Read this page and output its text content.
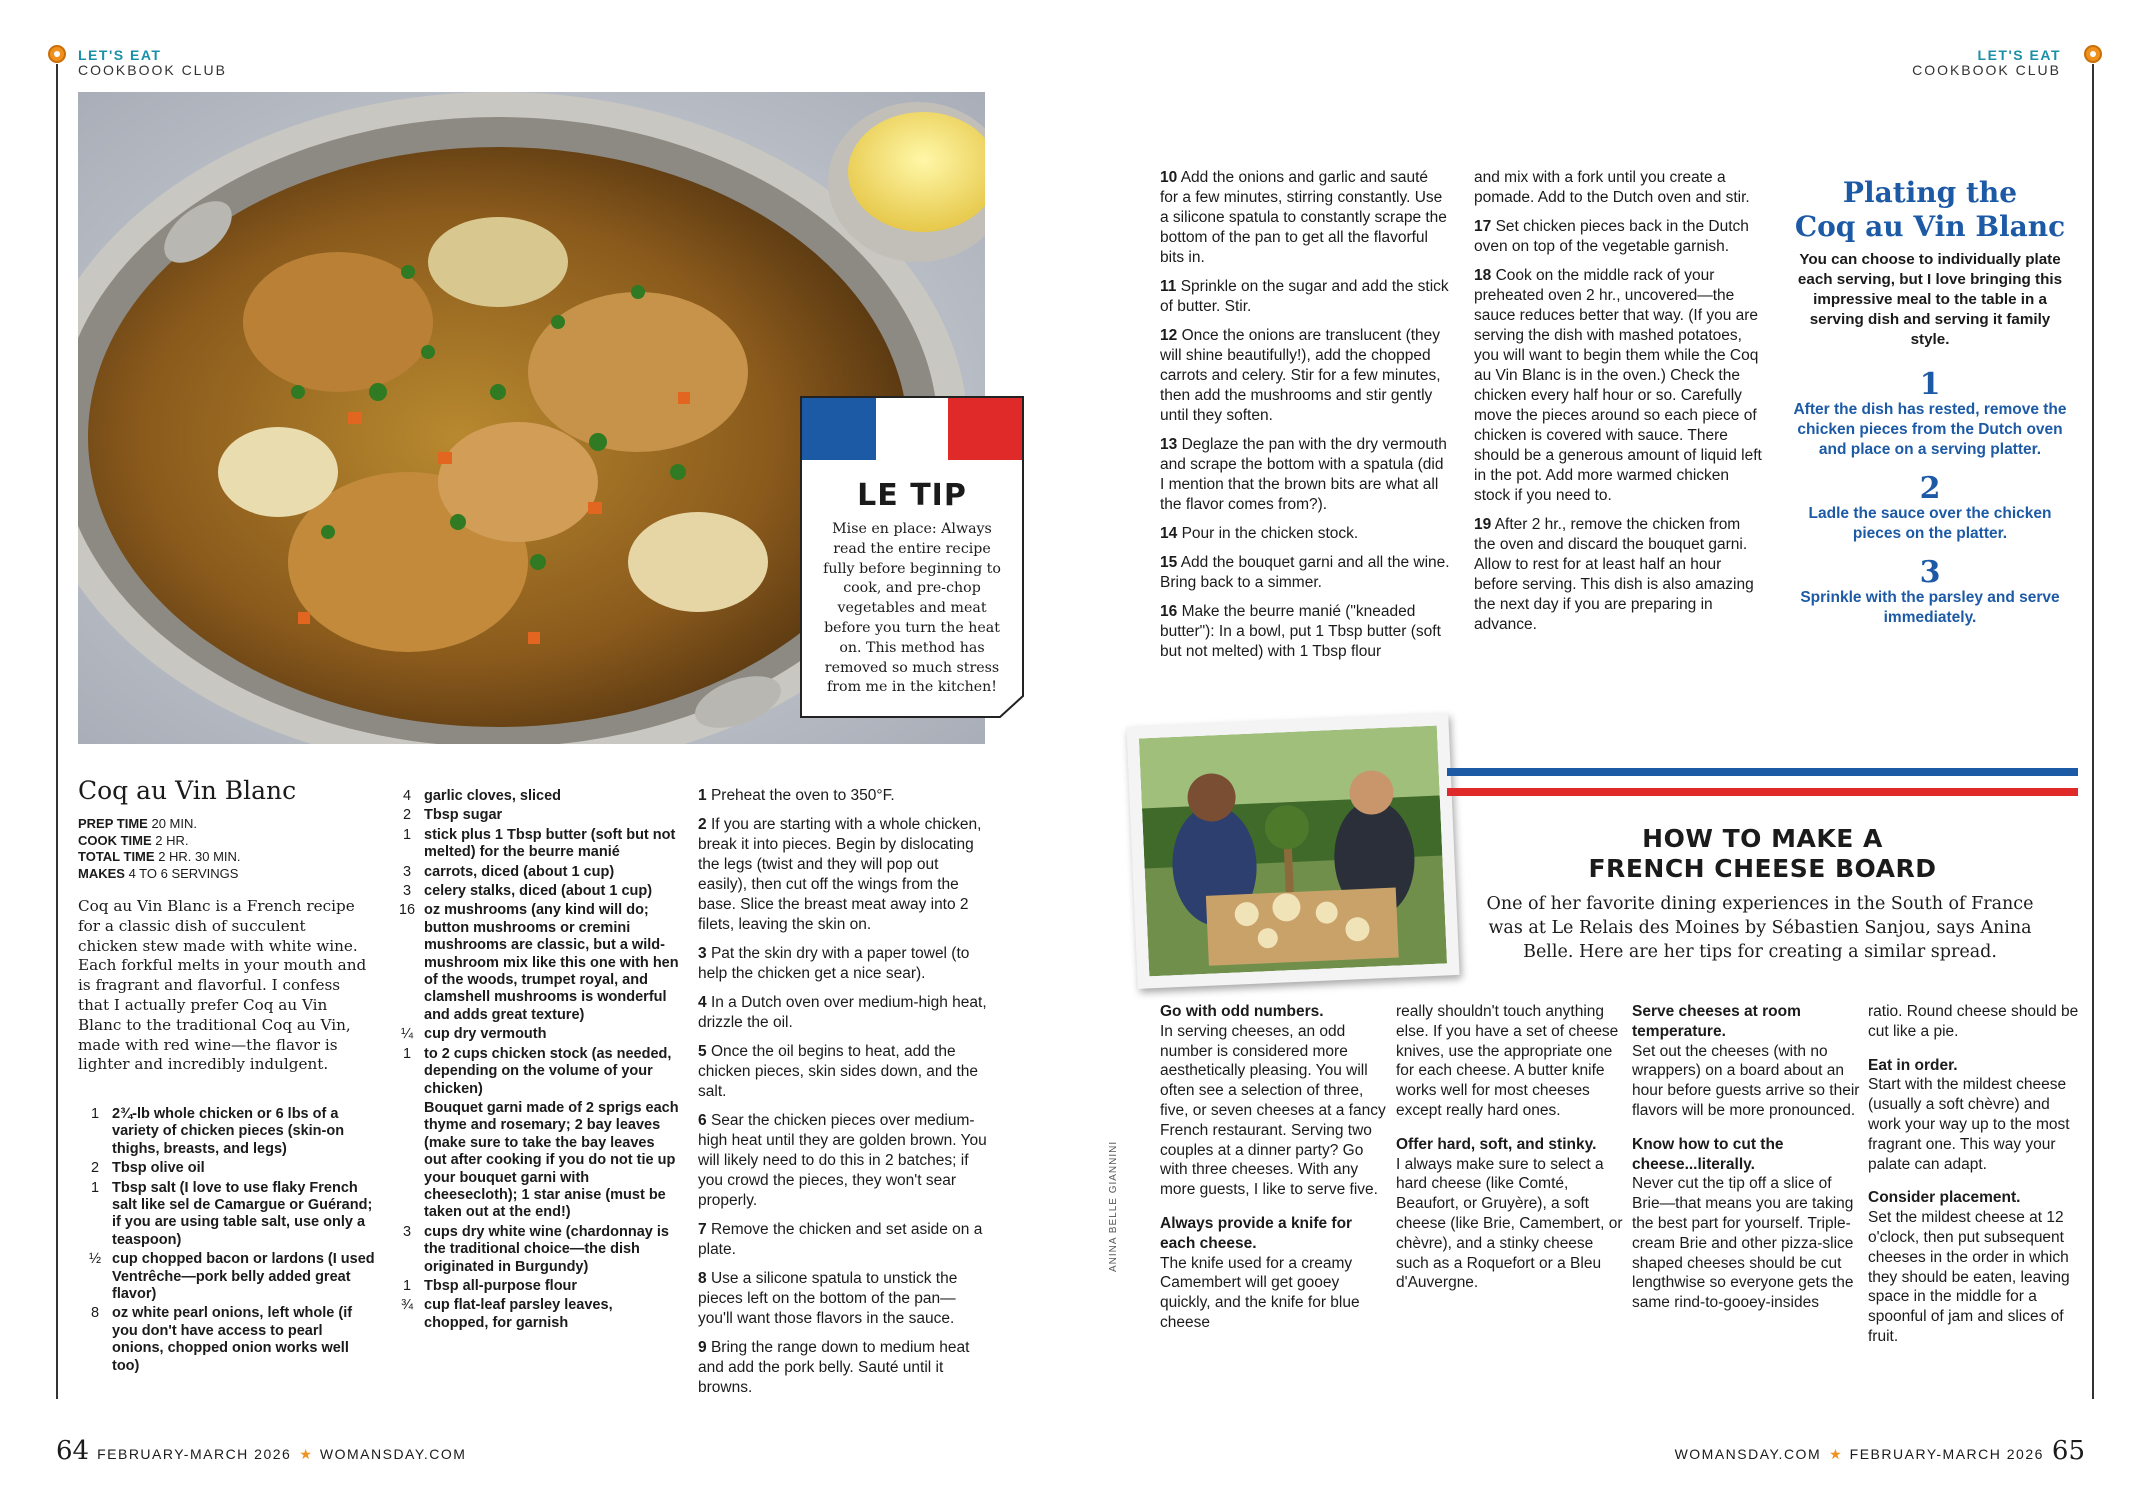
LET'S EAT
COOKBOOK CLUB
LET'S EAT
COOKBOOK CLUB
LE TIP
Mise en place: Always read the entire recipe fully before beginning to cook, and pre-chop vegetables and meat before you turn the heat on. This method has removed so much stress from me in the kitchen!
Coq au Vin Blanc
PREP TIME 20 MIN.
COOK TIME 2 HR.
TOTAL TIME 2 HR. 30 MIN.
MAKES 4 TO 6 SERVINGS
Coq au Vin Blanc is a French recipe for a classic dish of succulent chicken stew made with white wine. Each forkful melts in your mouth and is fragrant and flavorful. I confess that I actually prefer Coq au Vin Blanc to the traditional Coq au Vin, made with red wine—the flavor is lighter and incredibly indulgent.
1 2¾-lb whole chicken or 6 lbs of a variety of chicken pieces (skin-on thighs, breasts, and legs)
2 Tbsp olive oil
1 Tbsp salt (I love to use flaky French salt like sel de Camargue or Guérand; if you are using table salt, use only a teaspoon)
½ cup chopped bacon or lardons (I used Ventrêche—pork belly added great flavor)
8 oz white pearl onions, left whole (if you don't have access to pearl onions, chopped onion works well too)
4 garlic cloves, sliced
2 Tbsp sugar
1 stick plus 1 Tbsp butter (soft but not melted) for the beurre manié
3 carrots, diced (about 1 cup)
3 celery stalks, diced (about 1 cup)
16 oz mushrooms (any kind will do; button mushrooms or cremini mushrooms are classic, but a wild-mushroom mix like this one with hen of the woods, trumpet royal, and clamshell mushrooms is wonderful and adds great texture)
¼ cup dry vermouth
1 to 2 cups chicken stock (as needed, depending on the volume of your chicken)
Bouquet garni made of 2 sprigs each thyme and rosemary; 2 bay leaves (make sure to take the bay leaves out after cooking if you do not tie up your bouquet garni with cheesecloth); 1 star anise (must be taken out at the end!)
3 cups dry white wine (chardonnay is the traditional choice—the dish originated in Burgundy)
1 Tbsp all-purpose flour
¾ cup flat-leaf parsley leaves, chopped, for garnish

1 Preheat the oven to 350°F.

2 If you are starting with a whole chicken, break it into pieces. Begin by dislocating the legs (twist and they will pop out easily), then cut off the wings from the base. Slice the breast meat away into 2 filets, leaving the skin on.

3 Pat the skin dry with a paper towel (to help the chicken get a nice sear).

4 In a Dutch oven over medium-high heat, drizzle the oil.

5 Once the oil begins to heat, add the chicken pieces, skin sides down, and the salt.

6 Sear the chicken pieces over medium-high heat until they are golden brown. You will likely need to do this in 2 batches; if you crowd the pieces, they won't sear properly.

7 Remove the chicken and set aside on a plate.

8 Use a silicone spatula to unstick the pieces left on the bottom of the pan—you'll want those flavors in the sauce.

9 Bring the range down to medium heat and add the pork belly. Sauté until it browns.

10 Add the onions and garlic and sauté for a few minutes, stirring constantly. Use a silicone spatula to constantly scrape the bottom of the pan to get all the flavorful bits in.

11 Sprinkle on the sugar and add the stick of butter. Stir.

12 Once the onions are translucent (they will shine beautifully!), add the chopped carrots and celery. Stir for a few minutes, then add the mushrooms and stir gently until they soften.

13 Deglaze the pan with the dry vermouth and scrape the bottom with a spatula (did I mention that the brown bits are what all the flavor comes from?).

14 Pour in the chicken stock.

15 Add the bouquet garni and all the wine. Bring back to a simmer.

16 Make the beurre manié ("kneaded butter"): In a bowl, put 1 Tbsp butter (soft but not melted) with 1 Tbsp flour

and mix with a fork until you create a pomade. Add to the Dutch oven and stir.

17 Set chicken pieces back in the Dutch oven on top of the vegetable garnish.

18 Cook on the middle rack of your preheated oven 2 hr., uncovered—the sauce reduces better that way. (If you are serving the dish with mashed potatoes, you will want to begin them while the Coq au Vin Blanc is in the oven.) Check the chicken every half hour or so. Carefully move the pieces around so each piece of chicken is covered with sauce. There should be a generous amount of liquid left in the pot. Add more warmed chicken stock if you need to.

19 After 2 hr., remove the chicken from the oven and discard the bouquet garni. Allow to rest for at least half an hour before serving. This dish is also amazing the next day if you are preparing in advance.

Plating the
Coq au Vin Blanc
You can choose to individually plate each serving, but I love bringing this impressive meal to the table in a serving dish and serving it family style.
1
After the dish has rested, remove the chicken pieces from the Dutch oven and place on a serving platter.
2
Ladle the sauce over the chicken pieces on the platter.
3
Sprinkle with the parsley and serve immediately.
ANINA BELLE GIANNINI
HOW TO MAKE A
FRENCH CHEESE BOARD
One of her favorite dining experiences in the South of France was at Le Relais des Moines by Sébastien Sanjou, says Anina Belle. Here are her tips for creating a similar spread.

Go with odd numbers.
In serving cheeses, an odd number is considered more aesthetically pleasing. You will often see a selection of three, five, or seven cheeses at a fancy French restaurant. Serving two couples at a dinner party? Go with three cheeses. With any more guests, I like to serve five.

Always provide a knife for each cheese.
The knife used for a creamy Camembert will get gooey quickly, and the knife for blue cheese

really shouldn't touch anything else. If you have a set of cheese knives, use the appropriate one for each cheese. A butter knife works well for most cheeses except really hard ones.

Offer hard, soft, and stinky.
I always make sure to select a hard cheese (like Comté, Beaufort, or Gruyère), a soft cheese (like Brie, Camembert, or chèvre), and a stinky cheese such as a Roquefort or a Bleu d'Auvergne.

Serve cheeses at room temperature.
Set out the cheeses (with no wrappers) on a board about an hour before guests arrive so their flavors will be more pronounced.

Know how to cut the cheese...literally.
Never cut the tip off a slice of Brie—that means you are taking the best part for yourself. Triple-cream Brie and other pizza-slice shaped cheeses should be cut lengthwise so everyone gets the same rind-to-gooey-insides

ratio. Round cheese should be cut like a pie.

Eat in order.
Start with the mildest cheese (usually a soft chèvre) and work your way up to the most fragrant one. This way your palate can adapt.

Consider placement.
Set the mildest cheese at 12 o'clock, then put subsequent cheeses in the order in which they should be eaten, leaving space in the middle for a spoonful of jam and slices of fruit.

64 FEBRUARY-MARCH 2026 ★ WOMANSDAY.COM	WOMANSDAY.COM ★ FEBRUARY-MARCH 2026 65
